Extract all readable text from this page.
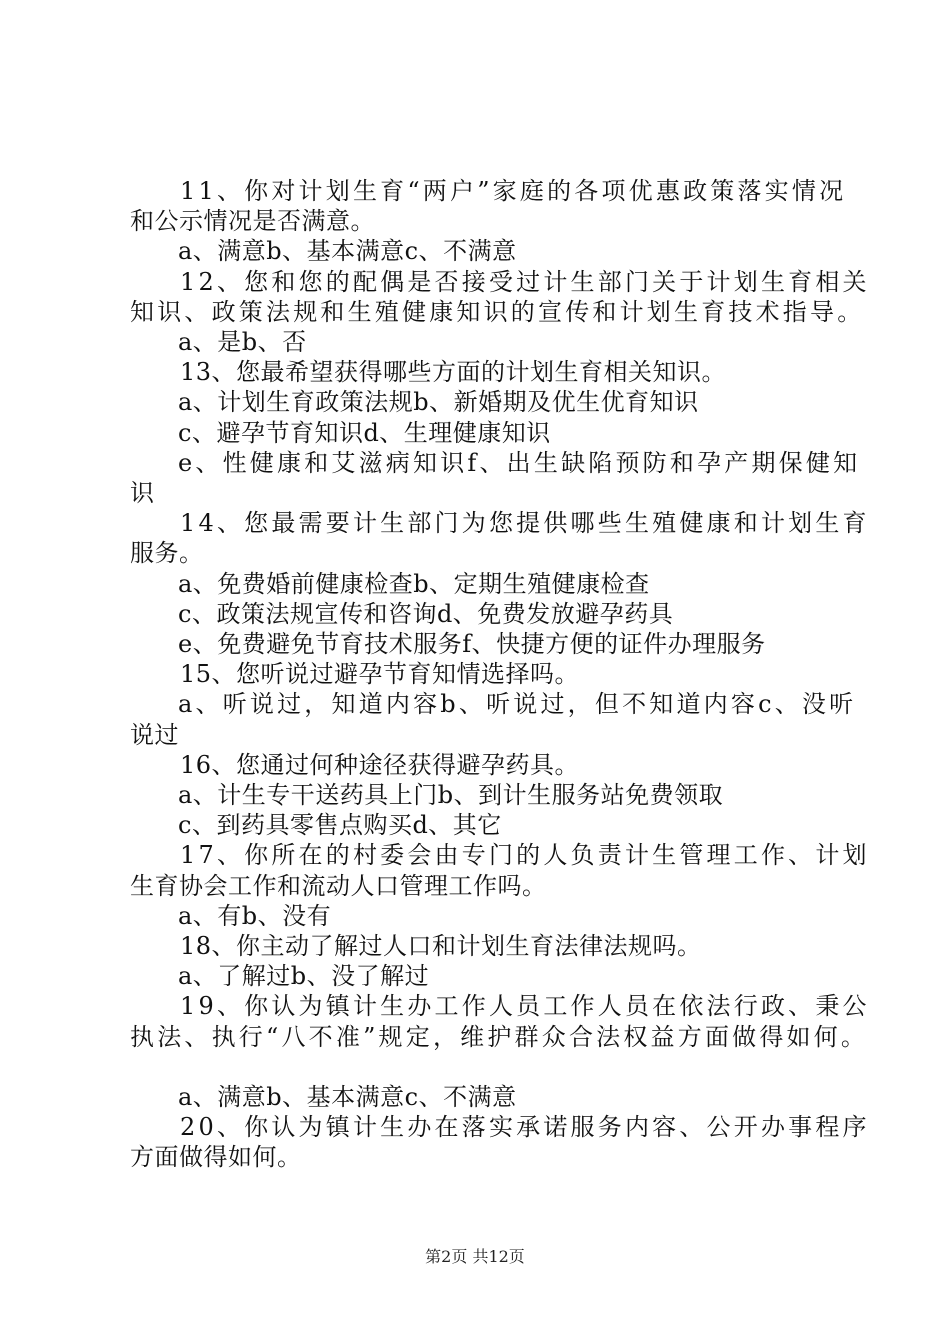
11、你对计划生育“两户”家庭的各项优惠政策落实情况
和公示情况是否满意。
a、满意b、基本满意c、不满意
12、您和您的配偶是否接受过计生部门关于计划生育相关
知识、政策法规和生殖健康知识的宣传和计划生育技术指导。
a、是b、否
13、您最希望获得哪些方面的计划生育相关知识。
a、计划生育政策法规b、新婚期及优生优育知识
c、避孕节育知识d、生理健康知识
e、性健康和艾滋病知识f、出生缺陷预防和孕产期保健知
识
14、您最需要计生部门为您提供哪些生殖健康和计划生育
服务。
a、免费婚前健康检查b、定期生殖健康检查
c、政策法规宣传和咨询d、免费发放避孕药具
e、免费避免节育技术服务f、快捷方便的证件办理服务
15、您听说过避孕节育知情选择吗。
a、听说过，知道内容b、听说过，但不知道内容c、没听
说过
16、您通过何种途径获得避孕药具。
a、计生专干送药具上门b、到计生服务站免费领取
c、到药具零售点购买d、其它
17、你所在的村委会由专门的人负责计生管理工作、计划
生育协会工作和流动人口管理工作吗。
a、有b、没有
18、你主动了解过人口和计划生育法律法规吗。
a、了解过b、没了解过
19、你认为镇计生办工作人员工作人员在依法行政、秉公
执法、执行“八不准”规定，维护群众合法权益方面做得如何。
a、满意b、基本满意c、不满意
20、你认为镇计生办在落实承诺服务内容、公开办事程序
方面做得如何。
第2页 共12页
